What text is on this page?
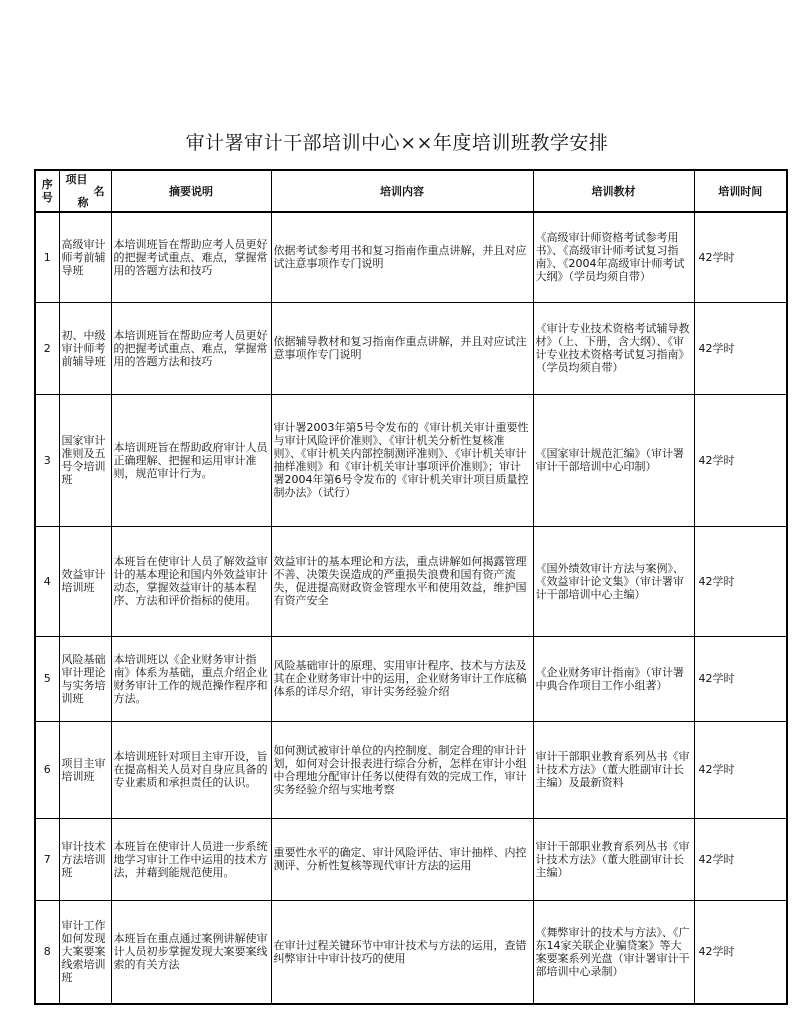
审计署审计干部培训中心××年度培训班教学安排
序号	项目
名
称	摘要说明	培训内容	培训教材	培训时间
1	高级审计师考前辅导班	本培训班旨在帮助应考人员更好的把握考试重点、难点，掌握常用的答题方法和技巧	依据考试参考用书和复习指南作重点讲解，并且对应试注意事项作专门说明	《高级审计师资格考试参考用书》、《高级审计师考试复习指南》、《2004年高级审计师考试大纲》（学员均须自带）	42学时
2	初、中级审计师考前辅导班	本培训班旨在帮助应考人员更好的把握考试重点、难点，掌握常用的答题方法和技巧	依据辅导教材和复习指南作重点讲解，并且对应试注意事项作专门说明	《审计专业技术资格考试辅导教材》（上、下册，含大纲）、《审计专业技术资格考试复习指南》（学员均须自带）	42学时
3	国家审计准则及五号令培训班	本培训班旨在帮助政府审计人员正确理解、把握和运用审计准则，规范审计行为。	审计署2003年第5号令发布的《审计机关审计重要性与审计风险评价准则》、《审计机关分析性复核准则》、《审计机关内部控制测评准则》、《审计机关审计抽样准则》和《审计机关审计事项评价准则》；审计署2004年第6号令发布的《审计机关审计项目质量控制办法》（试行）	《国家审计规范汇编》（审计署审计干部培训中心印制）	42学时
4	效益审计培训班	本班旨在使审计人员了解效益审计的基本理论和国内外效益审计动态，掌握效益审计的基本程序、方法和评价指标的使用。	效益审计的基本理论和方法，重点讲解如何揭露管理不善、决策失误造成的严重损失浪费和国有资产流失，促进提高财政资金管理水平和使用效益，维护国有资产安全	《国外绩效审计方法与案例》、《效益审计论文集》（审计署审计干部培训中心主编）	42学时
5	风险基础审计理论与实务培训班	本培训班以《企业财务审计指南》体系为基础，重点介绍企业财务审计工作的规范操作程序和方法。	风险基础审计的原理、实用审计程序、技术与方法及其在企业财务审计中的运用，企业财务审计工作底稿体系的详尽介绍，审计实务经验介绍	《企业财务审计指南》（审计署中典合作项目工作小组著）	42学时
6	项目主审培训班	本培训班针对项目主审开设，旨在提高相关人员对自身应具备的专业素质和承担责任的认识。	如何测试被审计单位的内控制度、制定合理的审计计划，如何对会计报表进行综合分析，怎样在审计小组中合理地分配审计任务以使得有效的完成工作，审计实务经验介绍与实地考察	审计干部职业教育系列丛书《审计技术方法》（董大胜副审计长主编）及最新资料	42学时
7	审计技术方法培训班	本班旨在使审计人员进一步系统地学习审计工作中运用的技术方法，并藉到能规范使用。	重要性水平的确定、审计风险评估、审计抽样、内控测评、分析性复核等现代审计方法的运用	审计干部职业教育系列丛书《审计技术方法》（董大胜副审计长主编）	42学时
8	审计工作如何发现大案要案线索培训班	本班旨在重点通过案例讲解使审计人员初步掌握发现大案要案线索的有关方法	在审计过程关键环节中审计技术与方法的运用，查错纠弊审计中审计技巧的使用	《舞弊审计的技术与方法》、《广东14家关联企业骗贷案》等大案要案系列光盘（审计署审计干部培训中心录制）	42学时
